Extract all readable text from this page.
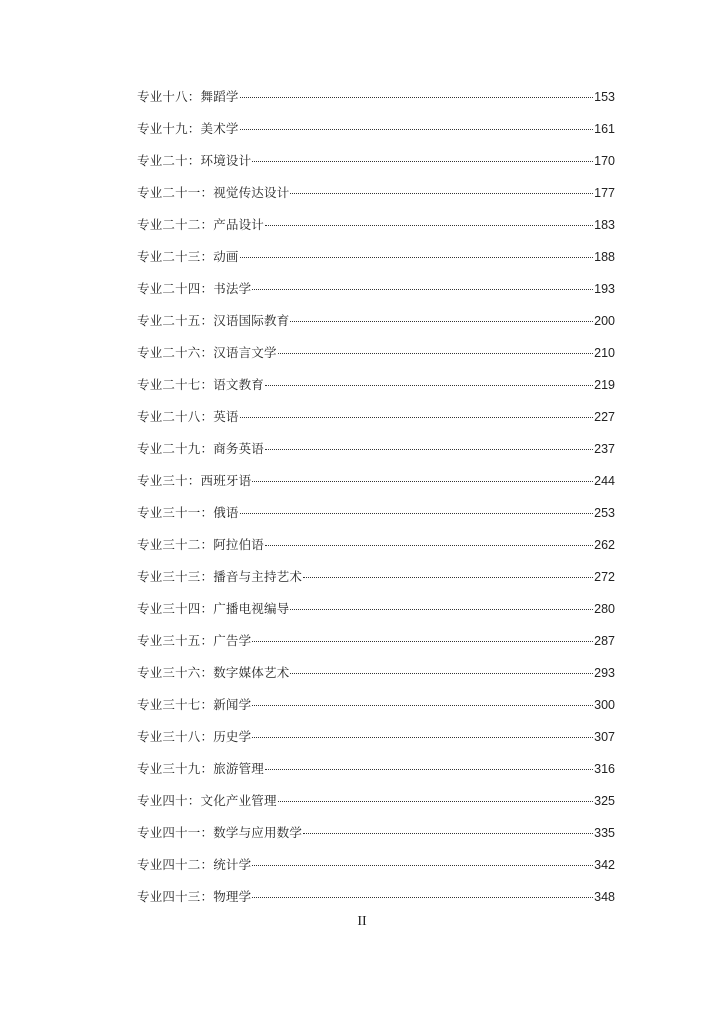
专业十八：舞蹈学	153
专业十九：美术学	161
专业二十：环境设计	170
专业二十一：视觉传达设计	177
专业二十二：产品设计	183
专业二十三：动画	188
专业二十四：书法学	193
专业二十五：汉语国际教育	200
专业二十六：汉语言文学	210
专业二十七：语文教育	219
专业二十八：英语	227
专业二十九：商务英语	237
专业三十：西班牙语	244
专业三十一：俄语	253
专业三十二：阿拉伯语	262
专业三十三：播音与主持艺术	272
专业三十四：广播电视编导	280
专业三十五：广告学	287
专业三十六：数字媒体艺术	293
专业三十七：新闻学	300
专业三十八：历史学	307
专业三十九：旅游管理	316
专业四十：文化产业管理	325
专业四十一：数学与应用数学	335
专业四十二：统计学	342
专业四十三：物理学	348
II
